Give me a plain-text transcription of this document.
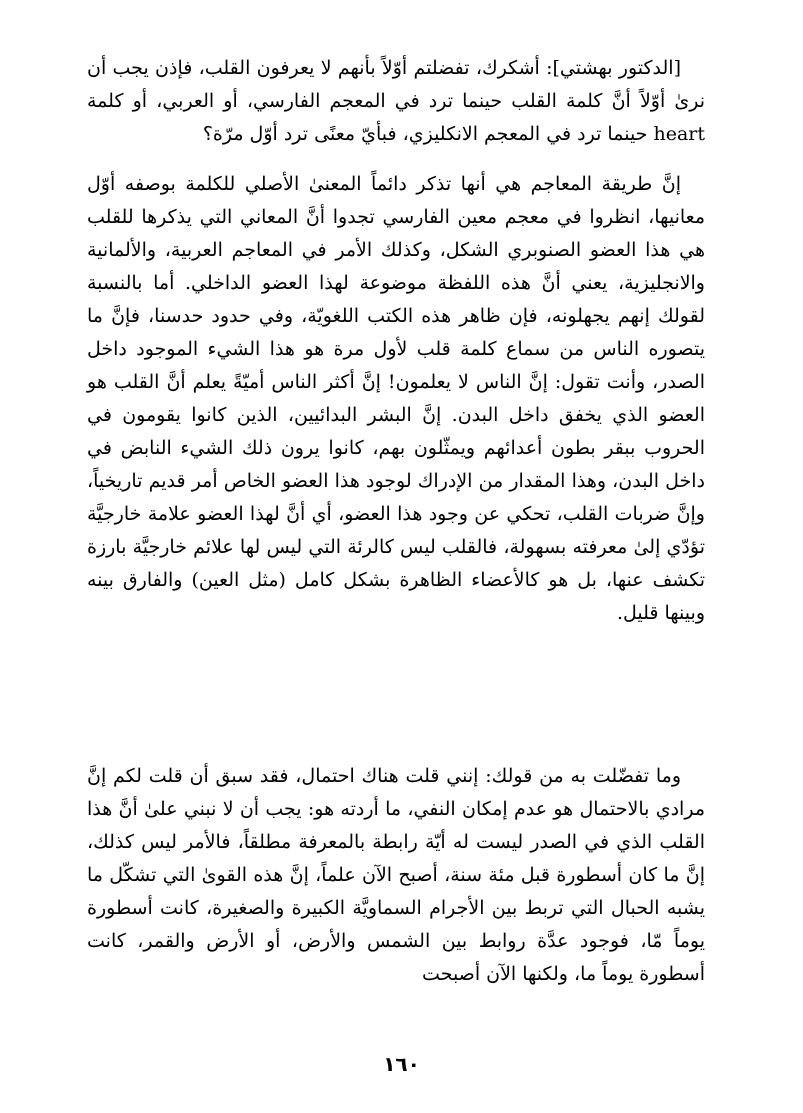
[الدكتور بهشتي]: أشكرك، تفضلتم أوّلاً بأنهم لا يعرفون القلب، فإذن يجب أن نرىٰ أوّلاً أنَّ كلمة القلب حينما ترد في المعجم الفارسي، أو العربي، أو كلمة heart حينما ترد في المعجم الانكليزي، فبأيّ معنًى ترد أوّل مرّة؟

إنَّ طريقة المعاجم هي أنها تذكر دائماً المعنىٰ الأصلي للكلمة بوصفه أوّل معانيها، انظروا في معجم معين الفارسي تجدوا أنَّ المعاني التي يذكرها للقلب هي هذا العضو الصنوبري الشكل، وكذلك الأمر في المعاجم العربية، والألمانية والانجليزية، يعني أنَّ هذه اللفظة موضوعة لهذا العضو الداخلي. أما بالنسبة لقولك إنهم يجهلونه، فإن ظاهر هذه الكتب اللغويّة، وفي حدود حدسنا، فإنَّ ما يتصوره الناس من سماع كلمة قلب لأول مرة هو هذا الشيء الموجود داخل الصدر، وأنت تقول: إنَّ الناس لا يعلمون! إنَّ أكثر الناس أميّةً يعلم أنَّ القلب هو العضو الذي يخفق داخل البدن. إنَّ البشر البدائيين، الذين كانوا يقومون في الحروب ببقر بطون أعدائهم ويمثّلون بهم، كانوا يرون ذلك الشيء النابض في داخل البدن، وهذا المقدار من الإدراك لوجود هذا العضو الخاص أمر قديم تاريخياً، وإنَّ ضربات القلب، تحكي عن وجود هذا العضو، أي أنَّ لهذا العضو علامة خارجيَّة تؤدّي إلىٰ معرفته بسهولة، فالقلب ليس كالرئة التي ليس لها علائم خارجيَّة بارزة تكشف عنها، بل هو كالأعضاء الظاهرة بشكل كامل (مثل العين) والفارق بينه وبينها قليل.

وما تفضّلت به من قولك: إنني قلت هناك احتمال، فقد سبق أن قلت لكم إنَّ مرادي بالاحتمال هو عدم إمكان النفي، ما أردته هو: يجب أن لا نبني علىٰ أنَّ هذا القلب الذي في الصدر ليست له أيّة رابطة بالمعرفة مطلقاً، فالأمر ليس كذلك، إنَّ ما كان أسطورة قبل مئة سنة، أصبح الآن علماً، إنَّ هذه القوىٰ التي تشكّل ما يشبه الحبال التي تربط بين الأجرام السماويَّة الكبيرة والصغيرة، كانت أسطورة يوماً مّا، فوجود عدَّة روابط بين الشمس والأرض، أو الأرض والقمر، كانت أسطورة يوماً ما، ولكنها الآن أصبحت

١٦٠
